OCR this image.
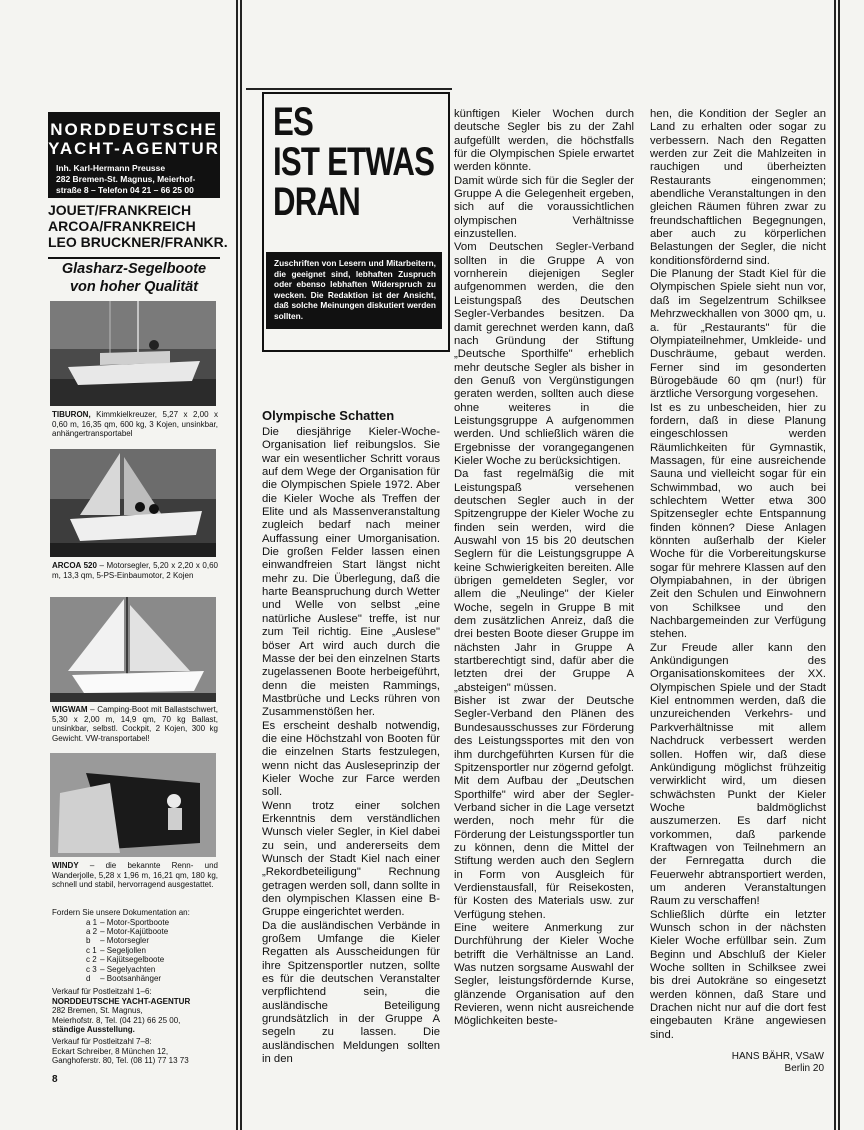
NORDDEUTSCHE
YACHT-AGENTUR
Inh. Karl-Hermann Preusse
282 Bremen-St. Magnus, Meierhof-
straße 8 – Telefon 04 21 – 66 25 00
JOUET/FRANKREICH
ARCOA/FRANKREICH
LEO BRUCKNER/FRANKR.
Glasharz-Segelboote
von hoher Qualität
TIBURON, Kimmkielkreuzer, 5,27 x 2,00 x 0,60 m, 16,35 qm, 600 kg, 3 Kojen, unsinkbar, anhängertransportabel
ARCOA 520 – Motorsegler, 5,20 x 2,20 x 0,60 m, 13,3 qm, 5-PS-Einbaumotor, 2 Kojen
WIGWAM – Camping-Boot mit Ballastschwert, 5,30 x 2,00 m, 14,9 qm, 70 kg Ballast, unsinkbar, selbstl. Cockpit, 2 Kojen, 300 kg Gewicht. VW-transportabel!
WINDY – die bekannte Renn- und Wanderjolle, 5,28 x 1,96 m, 16,21 qm, 180 kg, schnell und stabil, hervorragend ausgestattet.
Fordern Sie unsere Dokumentation an:
a 1	– Motor-Sportboote
a 2	– Motor-Kajütboote
b	– Motorsegler
c 1	– Segeljollen
c 2	– Kajütsegelboote
c 3	– Segelyachten
d	– Bootsanhänger
Verkauf für Postleitzahl 1–6:
NORDDEUTSCHE YACHT-AGENTUR
282 Bremen, St. Magnus,
Meierhofstr. 8, Tel. (04 21) 66 25 00,
ständige Ausstellung.
Verkauf für Postleitzahl 7–8:
Eckart Schreiber, 8 München 12,
Ganghoferstr. 80, Tel. (08 11) 77 13 73
8
ES
IST ETWAS
DRAN
Zuschriften von Lesern und Mitarbeitern, die geeignet sind, lebhaften Zuspruch oder ebenso lebhaften Widerspruch zu wecken. Die Redaktion ist der Ansicht, daß solche Meinungen diskutiert werden sollten.
Olympische Schatten

Die diesjährige Kieler-Woche-Organisation lief reibungslos. Sie war ein wesentlicher Schritt voraus auf dem Wege der Organisation für die Olympischen Spiele 1972. Aber die Kieler Woche als Treffen der Elite und als Massenveranstaltung zugleich bedarf nach meiner Auffassung einer Umorganisation. Die großen Felder lassen einen einwandfreien Start längst nicht mehr zu. Die Überlegung, daß die harte Beanspruchung durch Wetter und Welle von selbst „eine natürliche Auslese" treffe, ist nur zum Teil richtig. Eine „Auslese" böser Art wird auch durch die Masse der bei den einzelnen Starts zugelassenen Boote herbeigeführt, denn die meisten Rammings, Mastbrüche und Lecks rühren von Zusammenstößen her.

Es erscheint deshalb notwendig, die eine Höchstzahl von Booten für die einzelnen Starts festzulegen, wenn nicht das Ausleseprinzip der Kieler Woche zur Farce werden soll.

Wenn trotz einer solchen Erkenntnis dem verständlichen Wunsch vieler Segler, in Kiel dabei zu sein, und andererseits dem Wunsch der Stadt Kiel nach einer „Rekordbeteiligung" Rechnung getragen werden soll, dann sollte in den olympischen Klassen eine B-Gruppe eingerichtet werden.

Da die ausländischen Verbände in großem Umfange die Kieler Regatten als Ausscheidungen für ihre Spitzensportler nutzen, sollte es für die deutschen Veranstalter verpflichtend sein, die ausländische Beteiligung grundsätzlich in der Gruppe A segeln zu lassen. Die ausländischen Meldungen sollten in den

künftigen Kieler Wochen durch deutsche Segler bis zu der Zahl aufgefüllt werden, die höchstfalls für die Olympischen Spiele erwartet werden könnte.

Damit würde sich für die Segler der Gruppe A die Gelegenheit ergeben, sich auf die voraussichtlichen olympischen Verhältnisse einzustellen.

Vom Deutschen Segler-Verband sollten in die Gruppe A von vornherein diejenigen Segler aufgenommen werden, die den Leistungspaß des Deutschen Segler-Verbandes besitzen. Da damit gerechnet werden kann, daß nach Gründung der Stiftung „Deutsche Sporthilfe" erheblich mehr deutsche Segler als bisher in den Genuß von Vergünstigungen geraten werden, sollten auch diese ohne weiteres in die Leistungsgruppe A aufgenommen werden. Und schließlich wären die Ergebnisse der vorangegangenen Kieler Woche zu berücksichtigen.

Da fast regelmäßig die mit Leistungspaß versehenen deutschen Segler auch in der Spitzengruppe der Kieler Woche zu finden sein werden, wird die Auswahl von 15 bis 20 deutschen Seglern für die Leistungsgruppe A keine Schwierigkeiten bereiten. Alle übrigen gemeldeten Segler, vor allem die „Neulinge" der Kieler Woche, segeln in Gruppe B mit dem zusätzlichen Anreiz, daß die drei besten Boote dieser Gruppe im nächsten Jahr in Gruppe A startberechtigt sind, dafür aber die letzten drei der Gruppe A „absteigen" müssen.

Bisher ist zwar der Deutsche Segler-Verband den Plänen des Bundesausschusses zur Förderung des Leistungssportes mit den von ihm durchgeführten Kursen für die Spitzensportler nur zögernd gefolgt. Mit dem Aufbau der „Deutschen Sporthilfe" wird aber der Segler-Verband sicher in die Lage versetzt werden, noch mehr für die Förderung der Leistungssportler tun zu können, denn die Mittel der Stiftung werden auch den Seglern in Form von Ausgleich für Verdienstausfall, für Reisekosten, für Kosten des Materials usw. zur Verfügung stehen.

Eine weitere Anmerkung zur Durchführung der Kieler Woche betrifft die Verhältnisse an Land. Was nutzen sorgsame Auswahl der Segler, leistungsfördernde Kurse, glänzende Organisation auf den Revieren, wenn nicht ausreichende Möglichkeiten beste-

hen, die Kondition der Segler an Land zu erhalten oder sogar zu verbessern. Nach den Regatten werden zur Zeit die Mahlzeiten in rauchigen und überheizten Restaurants eingenommen; abendliche Veranstaltungen in den gleichen Räumen führen zwar zu freundschaftlichen Begegnungen, aber auch zu körperlichen Belastungen der Segler, die nicht konditionsfördernd sind.

Die Planung der Stadt Kiel für die Olympischen Spiele sieht nun vor, daß im Segelzentrum Schilksee Mehrzweckhallen von 3000 qm, u. a. für „Restaurants" für die Olympiateilnehmer, Umkleide- und Duschräume, gebaut werden. Ferner sind im gesonderten Bürogebäude 60 qm (nur!) für ärztliche Versorgung vorgesehen.

Ist es zu unbescheiden, hier zu fordern, daß in diese Planung eingeschlossen werden Räumlichkeiten für Gymnastik, Massagen, für eine ausreichende Sauna und vielleicht sogar für ein Schwimmbad, wo auch bei schlechtem Wetter etwa 300 Spitzensegler echte Entspannung finden können? Diese Anlagen könnten außerhalb der Kieler Woche für die Vorbereitungskurse sogar für mehrere Klassen auf den Olympiabahnen, in der übrigen Zeit den Schulen und Einwohnern von Schilksee und den Nachbargemeinden zur Verfügung stehen.

Zur Freude aller kann den Ankündigungen des Organisationskomitees der XX. Olympischen Spiele und der Stadt Kiel entnommen werden, daß die unzureichenden Verkehrs- und Parkverhältnisse mit allem Nachdruck verbessert werden sollen. Hoffen wir, daß diese Ankündigung möglichst frühzeitig verwirklicht wird, um diesen schwächsten Punkt der Kieler Woche baldmöglichst auszumerzen. Es darf nicht vorkommen, daß parkende Kraftwagen von Teilnehmern an der Fernregatta durch die Feuerwehr abtransportiert werden, um anderen Veranstaltungen Raum zu verschaffen!

Schließlich dürfte ein letzter Wunsch schon in der nächsten Kieler Woche erfüllbar sein. Zum Beginn und Abschluß der Kieler Woche sollten in Schilksee zwei bis drei Autokräne so eingesetzt werden können, daß Stare und Drachen nicht nur auf die dort fest eingebauten Kräne angewiesen sind.

HANS BÄHR, VSaW
Berlin 20
